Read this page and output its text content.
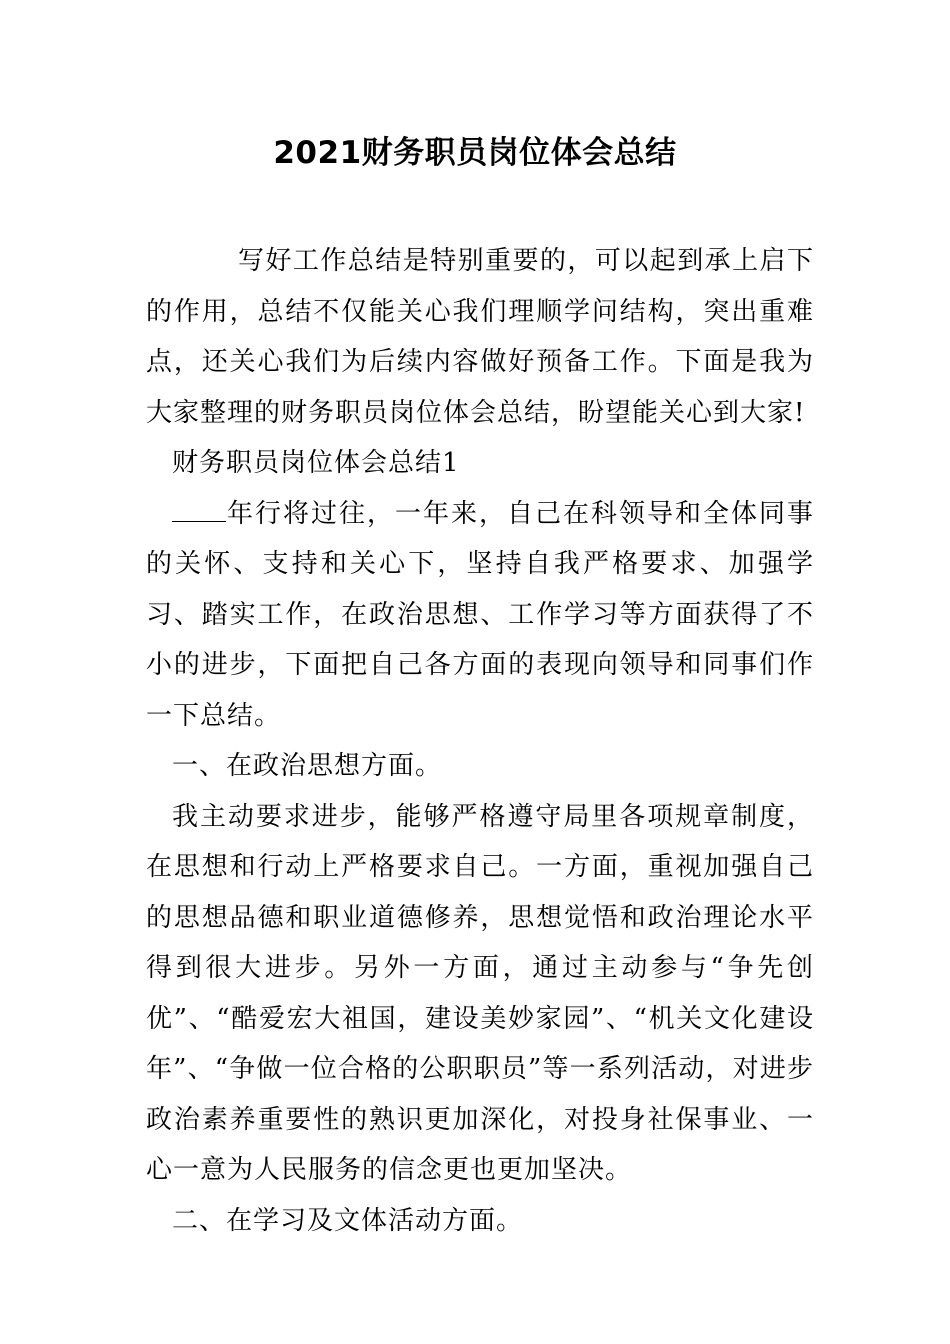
2021财务职员岗位体会总结

写好工作总结是特别重要的，可以起到承上启下的作用，总结不仅能关心我们理顺学问结构，突出重难点，还关心我们为后续内容做好预备工作。下面是我为大家整理的财务职员岗位体会总结，盼望能关心到大家!

财务职员岗位体会总结1

年行将过往，一年来，自己在科领导和全体同事的关怀、支持和关心下，坚持自我严格要求、加强学习、踏实工作，在政治思想、工作学习等方面获得了不小的进步，下面把自己各方面的表现向领导和同事们作一下总结。

一、在政治思想方面。

我主动要求进步，能够严格遵守局里各项规章制度，在思想和行动上严格要求自己。一方面，重视加强自己的思想品德和职业道德修养，思想觉悟和政治理论水平得到很大进步。另外一方面，通过主动参与“争先创优”、“酷爱宏大祖国，建设美妙家园”、“机关文化建设年”、“争做一位合格的公职职员”等一系列活动，对进步政治素养重要性的熟识更加深化，对投身社保事业、一心一意为人民服务的信念更也更加坚决。

二、在学习及文体活动方面。
